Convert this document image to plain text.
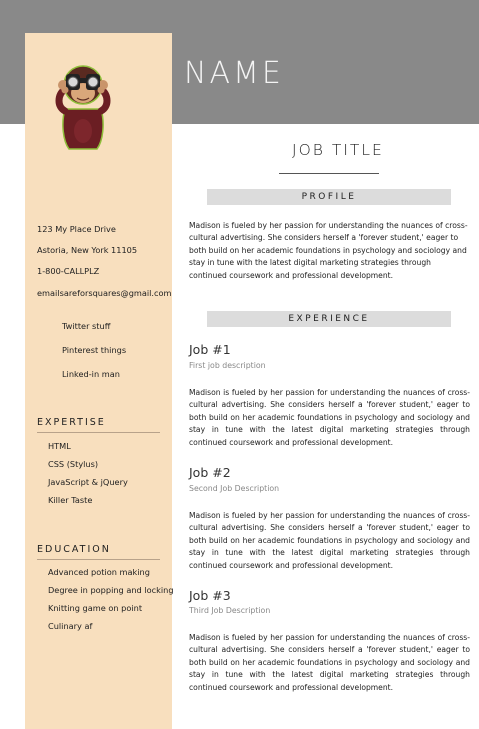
NAME
123 My Place Drive
Astoria, New York 11105
1-800-CALLPLZ
emailsareforsquares@gmail.com
Twitter stuff
Pinterest things
Linked-in man
EXPERTISE
HTML
CSS (Stylus)
JavaScript & jQuery
Killer Taste
EDUCATION
Advanced potion making
Degree in popping and locking
Knitting game on point
Culinary af
JOB TITLE
PROFILE
Madison is fueled by her passion for understanding the nuances of cross-cultural advertising. She considers herself a 'forever student,' eager to both build on her academic foundations in psychology and sociology and stay in tune with the latest digital marketing strategies through continued coursework and professional development.
EXPERIENCE
Job #1
First job description
Madison is fueled by her passion for understanding the nuances of cross-cultural advertising. She considers herself a 'forever student,' eager to both build on her academic foundations in psychology and sociology and stay in tune with the latest digital marketing strategies through continued coursework and professional development.
Job #2
Second Job Description
Madison is fueled by her passion for understanding the nuances of cross-cultural advertising. She considers herself a 'forever student,' eager to both build on her academic foundations in psychology and sociology and stay in tune with the latest digital marketing strategies through continued coursework and professional development.
Job #3
Third Job Description
Madison is fueled by her passion for understanding the nuances of cross-cultural advertising. She considers herself a 'forever student,' eager to both build on her academic foundations in psychology and sociology and stay in tune with the latest digital marketing strategies through continued coursework and professional development.
